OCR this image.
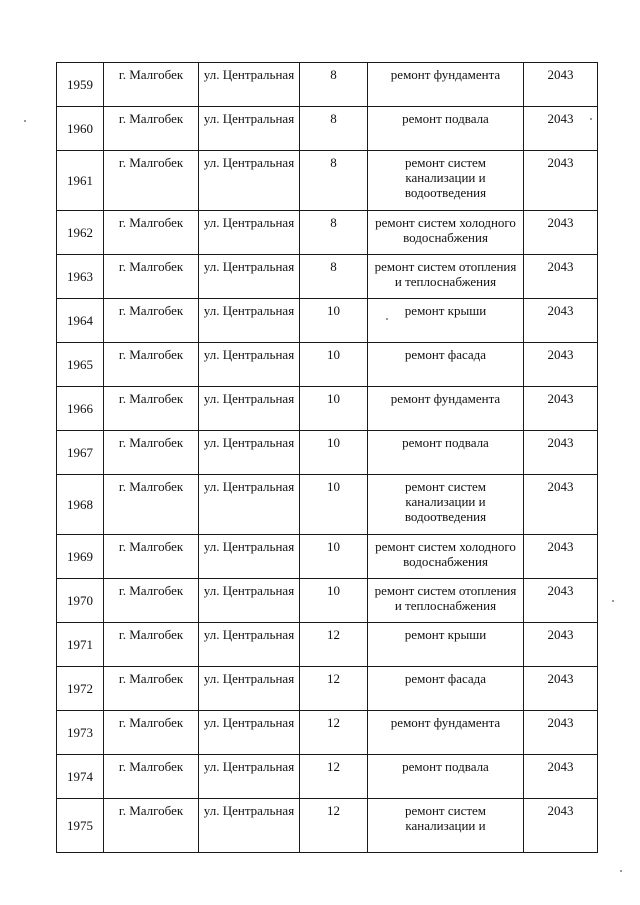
1959	г. Малгобек	ул. Центральная	8	ремонт фундамента	2043
1960	г. Малгобек	ул. Центральная	8	ремонт подвала	2043
1961	г. Малгобек	ул. Центральная	8	ремонт систем канализации и водоотведения	2043
1962	г. Малгобек	ул. Центральная	8	ремонт систем холодного водоснабжения	2043
1963	г. Малгобек	ул. Центральная	8	ремонт систем отопления и теплоснабжения	2043
1964	г. Малгобек	ул. Центральная	10	ремонт крыши	2043
1965	г. Малгобек	ул. Центральная	10	ремонт фасада	2043
1966	г. Малгобек	ул. Центральная	10	ремонт фундамента	2043
1967	г. Малгобек	ул. Центральная	10	ремонт подвала	2043
1968	г. Малгобек	ул. Центральная	10	ремонт систем канализации и водоотведения	2043
1969	г. Малгобек	ул. Центральная	10	ремонт систем холодного водоснабжения	2043
1970	г. Малгобек	ул. Центральная	10	ремонт систем отопления и теплоснабжения	2043
1971	г. Малгобек	ул. Центральная	12	ремонт крыши	2043
1972	г. Малгобек	ул. Центральная	12	ремонт фасада	2043
1973	г. Малгобек	ул. Центральная	12	ремонт фундамента	2043
1974	г. Малгобек	ул. Центральная	12	ремонт подвала	2043
1975	г. Малгобек	ул. Центральная	12	ремонт систем канализации и	2043
